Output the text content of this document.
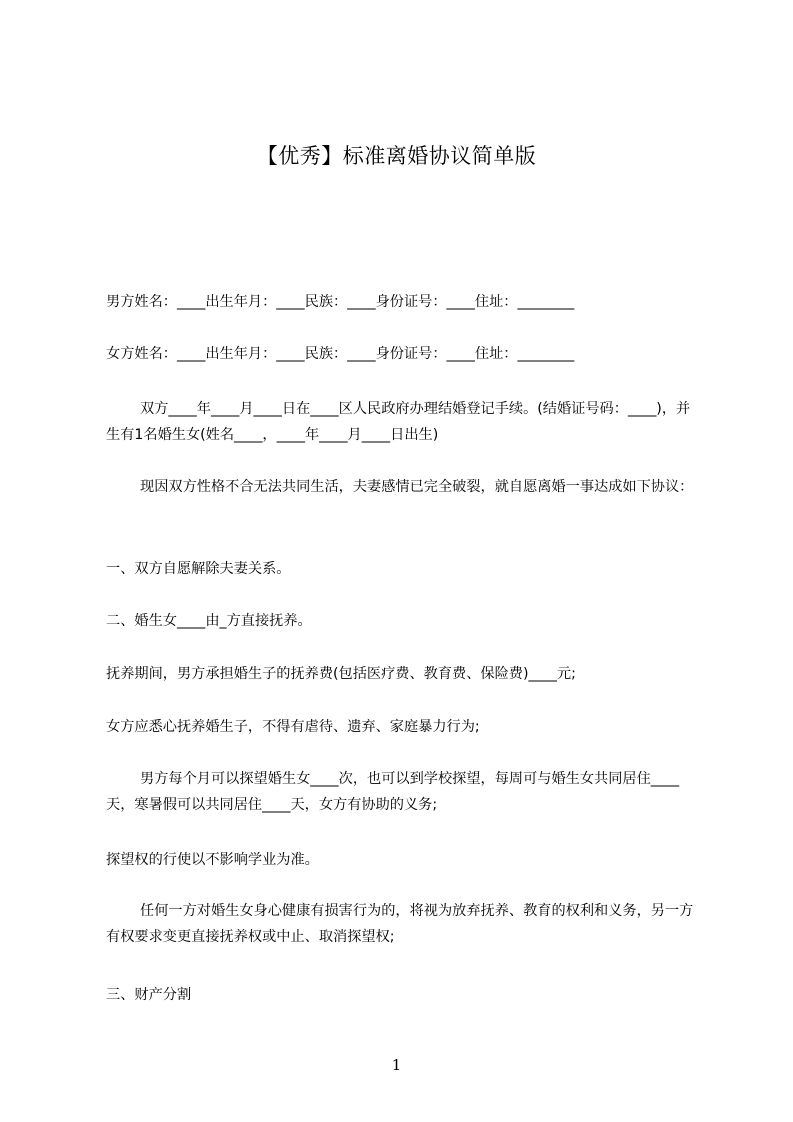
【优秀】标准离婚协议简单版

男方姓名：____出生年月：____民族：____身份证号：____住址：________

女方姓名：____出生年月：____民族：____身份证号：____住址：________

双方____年____月____日在____区人民政府办理结婚登记手续。(结婚证号码：____)，并生有1名婚生女(姓名____，____年____月____日出生)

现因双方性格不合无法共同生活，夫妻感情已完全破裂，就自愿离婚一事达成如下协议：

一、双方自愿解除夫妻关系。

二、婚生女____由_方直接抚养。

抚养期间，男方承担婚生子的抚养费(包括医疗费、教育费、保险费)____元;

女方应悉心抚养婚生子，不得有虐待、遗弃、家庭暴力行为;

男方每个月可以探望婚生女____次，也可以到学校探望，每周可与婚生女共同居住____天，寒暑假可以共同居住____天，女方有协助的义务;

探望权的行使以不影响学业为准。

任何一方对婚生女身心健康有损害行为的，将视为放弃抚养、教育的权利和义务，另一方有权要求变更直接抚养权或中止、取消探望权;

三、财产分割

1
